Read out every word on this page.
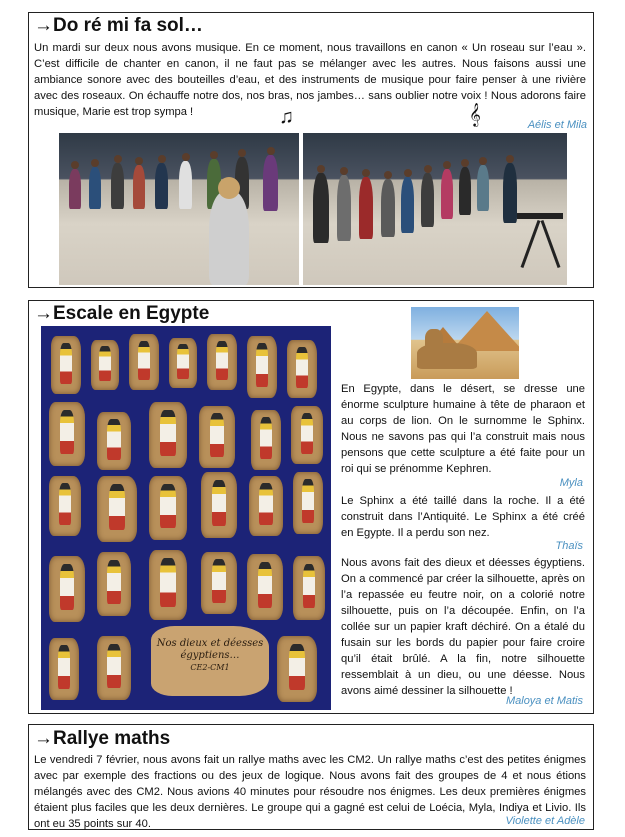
→Do ré mi fa sol…
Un mardi sur deux nous avons musique. En ce moment, nous travaillons en canon « Un roseau sur l’eau ». C’est difficile de chanter en canon, il ne faut pas se mélanger avec les autres. Nous faisons aussi une ambiance sonore avec des bouteilles d’eau, et des instruments de musique pour faire penser à une rivière avec des roseaux. On échauffe notre dos, nos bras, nos jambes… sans oublier notre voix ! Nous adorons faire musique, Marie est trop sympa !	♫	𝄞	Aélis et Mila
→Escale en Egypte
Nos dieux et déesses
égyptiens…
CE2-CM1
En Egypte, dans le désert, se dresse une énorme sculpture humaine à tête de pharaon et au corps de lion. On le surnomme le Sphinx. Nous ne savons pas qui l’a construit mais nous pensons que cette sculpture a été faite pour un roi qui se prénomme Kephren.
Myla
Le Sphinx a été taillé dans la roche. Il a été construit dans l’Antiquité. Le Sphinx a été créé en Egypte. Il a perdu son nez.
Thaïs
Nous avons fait des dieux et déesses égyptiens. On a commencé par créer la silhouette, après on l’a repassée eu feutre noir, on a colorié notre silhouette, puis on l’a découpée. Enfin, on l’a collée sur un papier kraft déchiré. On a étalé du fusain sur les bords du papier pour faire croire qu’il était brûlé. A la fin, notre silhouette ressemblait à un dieu, ou une déesse. Nous avons aimé dessiner la silhouette !
Maloya et Matis
→Rallye maths
Le vendredi 7 février, nous avons fait un rallye maths avec les CM2. Un rallye maths c’est des petites énigmes avec par exemple des fractions ou des jeux de logique. Nous avons fait des groupes de 4 et nous étions mélangés avec des CM2. Nous avions 40 minutes pour résoudre nos énigmes. Les deux premières énigmes étaient plus faciles que les deux dernières. Le groupe qui a gagné est celui de Loécia, Myla, Indiya et Livio. Ils ont eu 35 points sur 40.	Violette et Adèle
